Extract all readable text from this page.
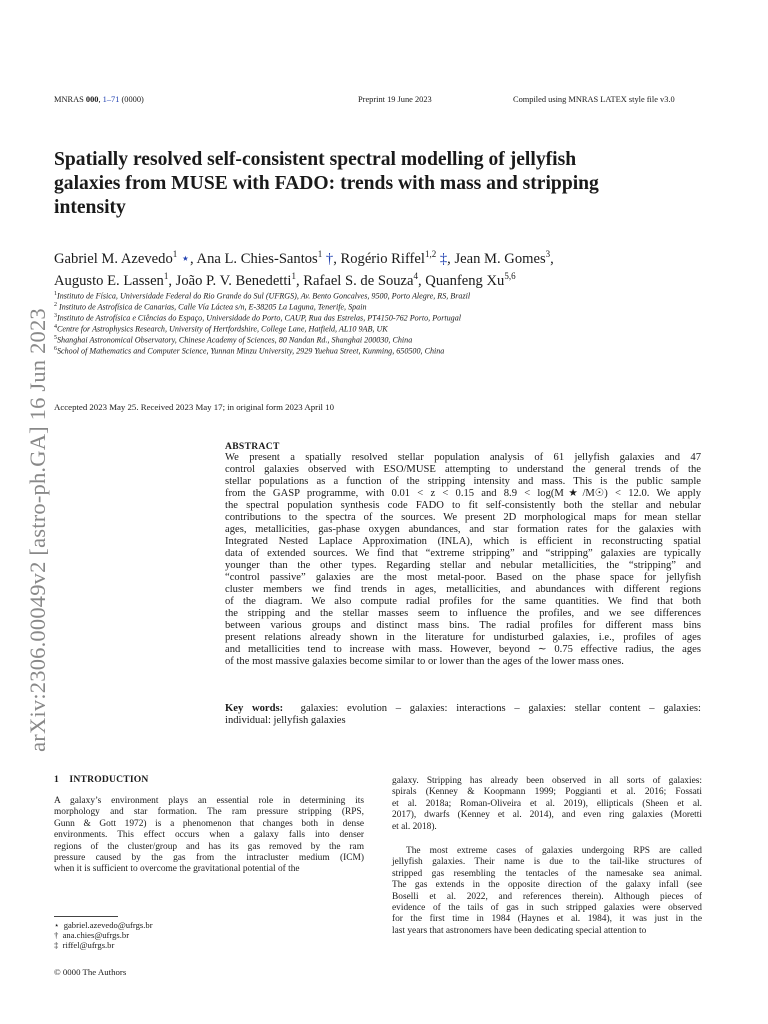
MNRAS 000, 1–71 (0000)	Preprint 19 June 2023	Compiled using MNRAS LATEX style file v3.0
arXiv:2306.00049v2 [astro-ph.GA] 16 Jun 2023
Spatially resolved self-consistent spectral modelling of jellyfish
galaxies from MUSE with FADO: trends with mass and stripping
intensity
Gabriel M. Azevedo$^1$ ⋆, Ana L. Chies-Santos$^1$ †, Rogério Riffel$^{1,2}$ ‡, Jean M. Gomes$^3$,
Augusto E. Lassen$^1$, João P. V. Benedetti$^1$, Rafael S. de Souza$^4$, Quanfeng Xu$^{5,6}$
$^1$Instituto de Física, Universidade Federal do Rio Grande do Sul (UFRGS), Av. Bento Goncalves, 9500, Porto Alegre, RS, Brazil
$^2$ Instituto de Astrofísica de Canarias, Calle Vía Láctea s/n, E-38205 La Laguna, Tenerife, Spain
$^3$Instituto de Astrofísica e Ciências do Espaço, Universidade do Porto, CAUP, Rua das Estrelas, PT4150-762 Porto, Portugal
$^4$Centre for Astrophysics Research, University of Hertfordshire, College Lane, Hatfield, AL10 9AB, UK
$^5$Shanghai Astronomical Observatory, Chinese Academy of Sciences, 80 Nandan Rd., Shanghai 200030, China
$^6$School of Mathematics and Computer Science, Yunnan Minzu University, 2929 Yuehua Street, Kunming, 650500, China
Accepted 2023 May 25. Received 2023 May 17; in original form 2023 April 10
ABSTRACT
We present a spatially resolved stellar population analysis of 61 jellyfish galaxies and 47
control galaxies observed with ESO/MUSE attempting to understand the general trends of the
stellar populations as a function of the stripping intensity and mass. This is the public sample
from the GASP programme, with 0.01 < z < 0.15 and 8.9 < log(M★/M☉) < 12.0. We apply
the spectral population synthesis code FADO to fit self-consistently both the stellar and nebular
contributions to the spectra of the sources. We present 2D morphological maps for mean stellar
ages, metallicities, gas-phase oxygen abundances, and star formation rates for the galaxies with
Integrated Nested Laplace Approximation (INLA), which is efficient in reconstructing spatial
data of extended sources. We find that “extreme stripping” and “stripping” galaxies are typically
younger than the other types. Regarding stellar and nebular metallicities, the “stripping” and
“control passive” galaxies are the most metal-poor. Based on the phase space for jellyfish
cluster members we find trends in ages, metallicities, and abundances with different regions
of the diagram. We also compute radial profiles for the same quantities. We find that both
the stripping and the stellar masses seem to influence the profiles, and we see differences
between various groups and distinct mass bins. The radial profiles for different mass bins
present relations already shown in the literature for undisturbed galaxies, i.e., profiles of ages
and metallicities tend to increase with mass. However, beyond ∼ 0.75 effective radius, the ages
of the most massive galaxies become similar to or lower than the ages of the lower mass ones.
Key words: galaxies: evolution – galaxies: interactions – galaxies: stellar content – galaxies:
individual: jellyfish galaxies
1 INTRODUCTION
A galaxy’s environment plays an essential role in determining its
morphology and star formation. The ram pressure stripping (RPS,
Gunn & Gott 1972) is a phenomenon that changes both in dense
environments. This effect occurs when a galaxy falls into denser
regions of the cluster/group and has its gas removed by the ram
pressure caused by the gas from the intracluster medium (ICM)
when it is sufficient to overcome the gravitational potential of the
galaxy. Stripping has already been observed in all sorts of galaxies:
spirals (Kenney & Koopmann 1999; Poggianti et al. 2016; Fossati
et al. 2018a; Roman-Oliveira et al. 2019), ellipticals (Sheen et al.
2017), dwarfs (Kenney et al. 2014), and even ring galaxies (Moretti
et al. 2018).
The most extreme cases of galaxies undergoing RPS are called
jellyfish galaxies. Their name is due to the tail-like structures of
stripped gas resembling the tentacles of the namesake sea animal.
The gas extends in the opposite direction of the galaxy infall (see
Boselli et al. 2022, and references therein). Although pieces of
evidence of the tails of gas in such stripped galaxies were observed
for the first time in 1984 (Haynes et al. 1984), it was just in the
last years that astronomers have been dedicating special attention to
⋆ gabriel.azevedo@ufrgs.br
† ana.chies@ufrgs.br
‡ riffel@ufrgs.br
© 0000 The Authors
